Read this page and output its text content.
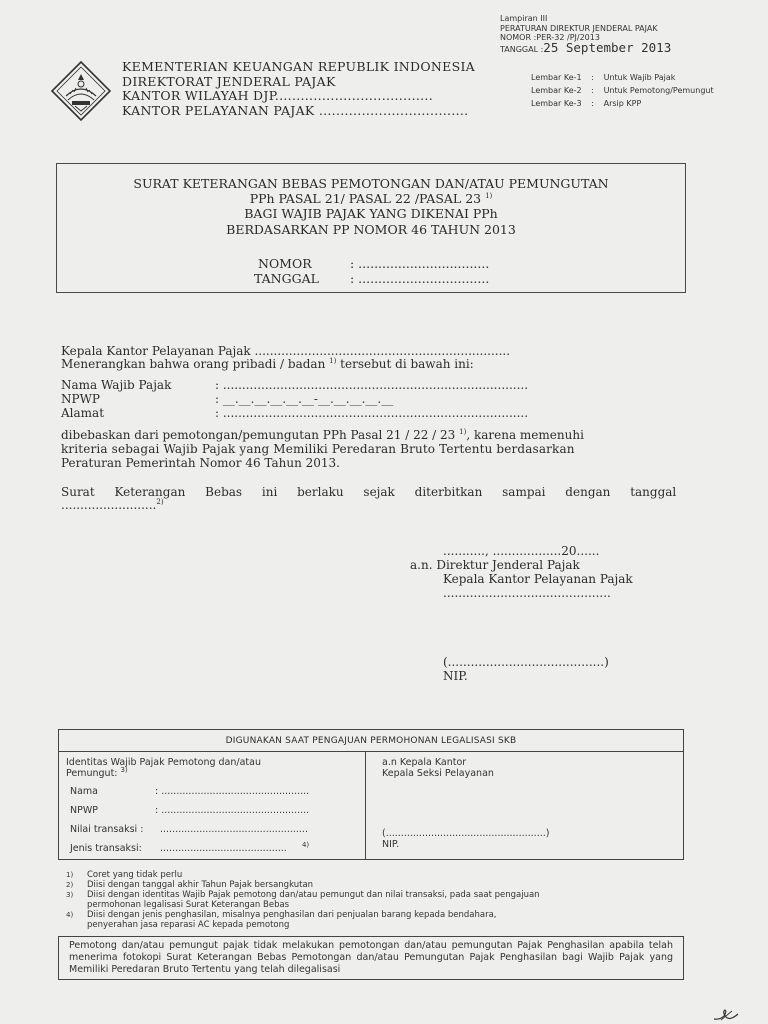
Lampiran III
PERATURAN DIREKTUR JENDERAL PAJAK
NOMOR :PER-32 /PJ/2013
TANGGAL :25 September 2013
Lembar Ke-1	:	Untuk Wajib Pajak
Lembar Ke-2	:	Untuk Pemotong/Pemungut
Lembar Ke-3	:	Arsip KPP
KEMENTERIAN KEUANGAN REPUBLIK INDONESIA
DIREKTORAT JENDERAL PAJAK
KANTOR WILAYAH DJP.....................................
KANTOR PELAYANAN PAJAK ...................................
SURAT KETERANGAN BEBAS PEMOTONGAN DAN/ATAU PEMUNGUTAN
PPh PASAL 21/ PASAL 22 /PASAL 23 $^{1)}$
BAGI WAJIB PAJAK YANG DIKENAI PPh
BERDASARKAN PP NOMOR 46 TAHUN 2013
NOMOR	: .................................
TANGGAL : .................................
Kepala Kantor Pelayanan Pajak ...................................................................
Menerangkan bahwa orang pribadi / badan $^{1)}$ tersebut di bawah ini:
Nama Wajib Pajak	: ................................................................................
NPWP	: __.__.__.__.__.__-__.__.__.__.__
Alamat	: ................................................................................
dibebaskan dari pemotongan/pemungutan PPh Pasal 21 / 22 / 23 $^{1)}$, karena memenuhi
kriteria sebagai Wajib Pajak yang Memiliki Peredaran Bruto Tertentu berdasarkan
Peraturan Pemerintah Nomor 46 Tahun 2013.
Surat Keterangan Bebas ini berlaku sejak diterbitkan sampai dengan tanggal
.........................$^{2)}$
..........., ..................20......
a.n. Direktur Jenderal Pajak
Kepala Kantor Pelayanan Pajak
............................................
(.........................................)
NIP.
DIGUNAKAN SAAT PENGAJUAN PERMOHONAN LEGALISASI SKB
Identitas Wajib Pajak Pemotong dan/atau
Pemungut: $^{3)}$
Nama	: .................................................
NPWP	: .................................................
Nilai transaksi : .................................................
Jenis transaksi: .......................................... $^{4)}$
a.n Kepala Kantor
Kepala Seksi Pelayanan
(.....................................................)
NIP.
1) Coret yang tidak perlu
2) Diisi dengan tanggal akhir Tahun Pajak bersangkutan
3) Diisi dengan identitas Wajib Pajak pemotong dan/atau pemungut dan nilai transaksi, pada saat pengajuan
permohonan legalisasi Surat Keterangan Bebas
4) Diisi dengan jenis penghasilan, misalnya penghasilan dari penjualan barang kepada bendahara,
penyerahan jasa reparasi AC kepada pemotong
Pemotong dan/atau pemungut pajak tidak melakukan pemotongan dan/atau pemungutan Pajak Penghasilan apabila telah menerima fotokopi Surat Keterangan Bebas Pemotongan dan/atau Pemungutan Pajak Penghasilan bagi Wajib Pajak yang Memiliki Peredaran Bruto Tertentu yang telah dilegalisasi
